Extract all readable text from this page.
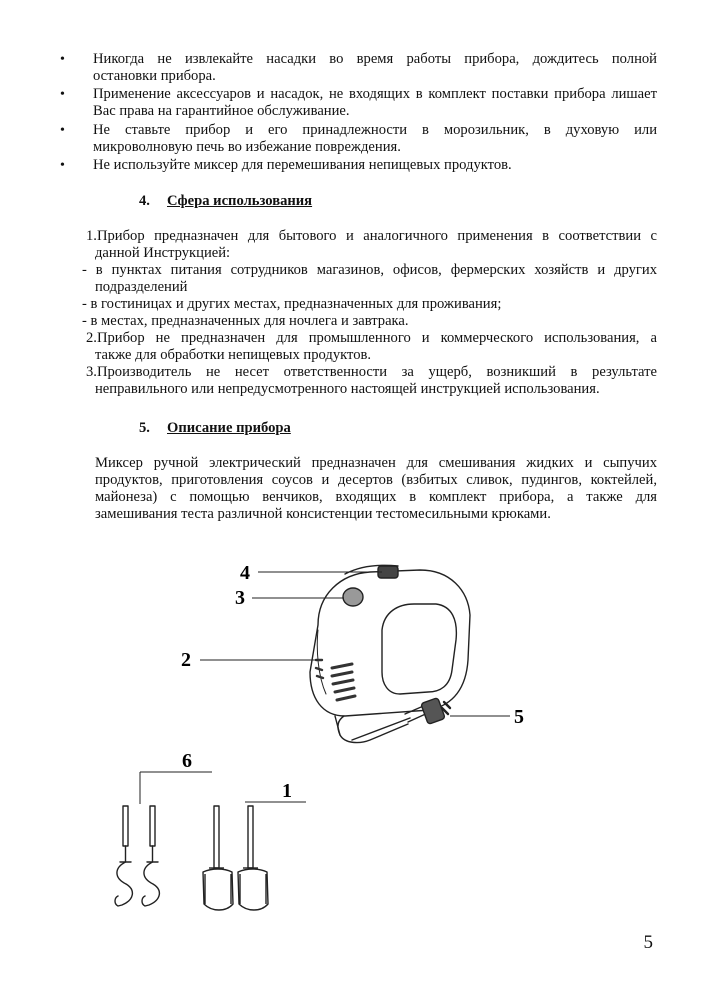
• Никогда не извлекайте насадки во время работы прибора, дождитесь полной
остановки прибора.
• Применение аксессуаров и насадок, не входящих в комплект поставки прибора лишает
Вас права на гарантийное обслуживание.
• Не ставьте прибор и его принадлежности в морозильник, в духовую или
микроволновую печь во избежание повреждения.
• Не используйте миксер для перемешивания непищевых продуктов.
4. Сфера использования
1.Прибор предназначен для бытового и аналогичного применения в соответствии с
данной Инструкцией:
- в пунктах питания сотрудников магазинов, офисов, фермерских хозяйств и других
подразделений
- в гостиницах и других местах, предназначенных для проживания;
- в местах, предназначенных для ночлега и завтрака.
2.Прибор не предназначен для промышленного и коммерческого использования, а
также для обработки непищевых продуктов.
3.Производитель не несет ответственности за ущерб, возникший в результате
неправильного или непредусмотренного настоящей инструкцией использования.
5. Описание прибора
Миксер ручной электрический предназначен для смешивания жидких и сыпучих
продуктов, приготовления соусов и десертов (взбитых сливок, пудингов, коктейлей,
майонеза) с помощью венчиков, входящих в комплект прибора, а также для
замешивания теста различной консистенции тестомесильными крюками.
4
3
2
5
1
6
5
